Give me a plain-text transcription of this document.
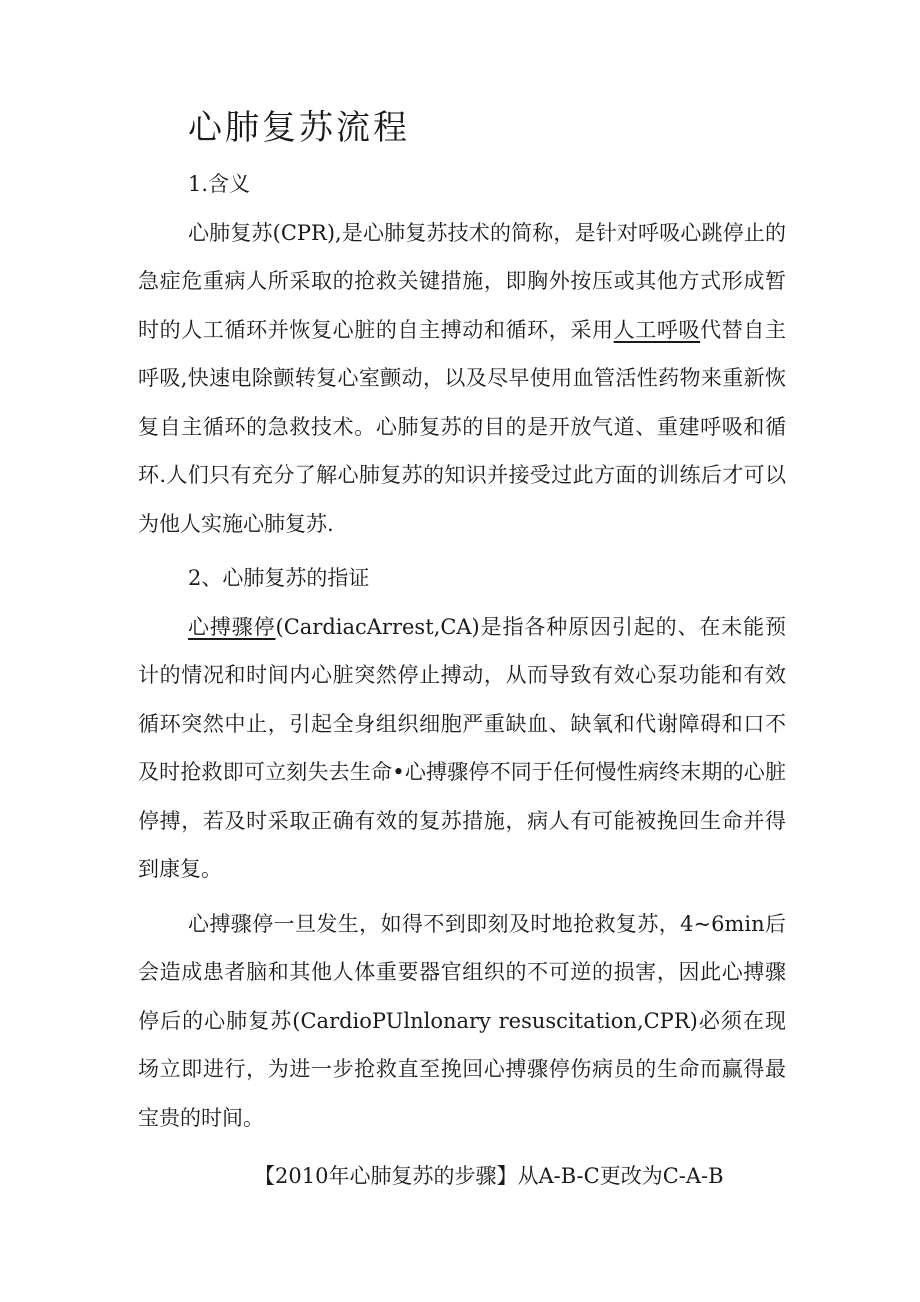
心肺复苏流程

1.含义

心肺复苏(CPR),是心肺复苏技术的简称，是针对呼吸心跳停止的急症危重病人所采取的抢救关键措施，即胸外按压或其他方式形成暂时的人工循环并恢复心脏的自主搏动和循环，采用人工呼吸代替自主呼吸,快速电除颤转复心室颤动，以及尽早使用血管活性药物来重新恢复自主循环的急救技术。心肺复苏的目的是开放气道、重建呼吸和循环.人们只有充分了解心肺复苏的知识并接受过此方面的训练后才可以为他人实施心肺复苏.

2、心肺复苏的指证

心搏骤停(CardiacArrest,CA)是指各种原因引起的、在未能预计的情况和时间内心脏突然停止搏动，从而导致有效心泵功能和有效循环突然中止，引起全身组织细胞严重缺血、缺氧和代谢障碍和口不及时抢救即可立刻失去生命•心搏骤停不同于任何慢性病终末期的心脏停搏，若及时采取正确有效的复苏措施，病人有可能被挽回生命并得到康复。

心搏骤停一旦发生，如得不到即刻及时地抢救复苏，4~6min后会造成患者脑和其他人体重要器官组织的不可逆的损害，因此心搏骤停后的心肺复苏(CardioPUlnlonary resuscitation,CPR)必须在现场立即进行，为进一步抢救直至挽回心搏骤停伤病员的生命而赢得最宝贵的时间。

【2010年心肺复苏的步骤】从A-B-C更改为C-A-B
